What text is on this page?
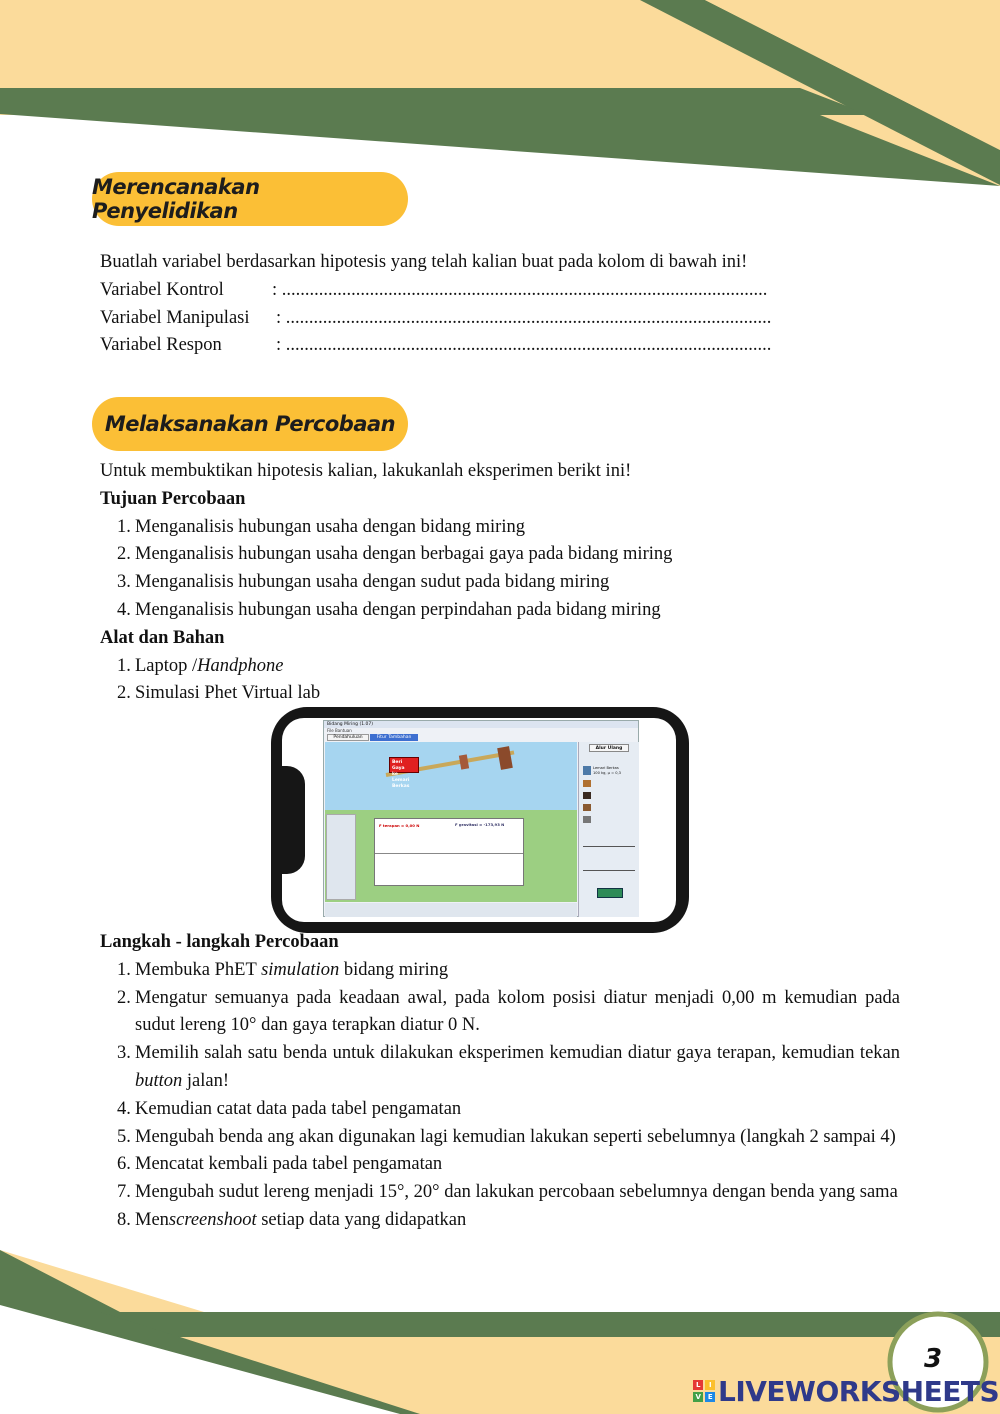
3
Merencanakan Penyelidikan
Buatlah variabel berdasarkan hipotesis yang telah kalian buat pada kolom di bawah ini!
Variabel Kontrol	: .........................................................................................................
Variabel Manipulasi : .........................................................................................................
Variabel Respon	: .........................................................................................................
Melaksanakan Percobaan
Untuk membuktikan hipotesis kalian, lakukanlah eksperimen berikt ini!
Tujuan Percobaan
1. Menganalisis hubungan usaha dengan bidang miring
2. Menganalisis hubungan usaha dengan berbagai gaya pada bidang miring
3. Menganalisis hubungan usaha dengan sudut pada bidang miring
4. Menganalisis hubungan usaha dengan perpindahan pada bidang miring
Alat dan Bahan
1. Laptop /Handphone
2. Simulasi Phet Virtual lab
Bidang Miring (1.07)
File Bantuan
Pendahuluan	Fitur Tambahan
Beri Gaya
ke Lemari Berkas
F terapan = 0,00 N	F gravitasi = -173,93 N
Alur Ulang
Lemari Berkas
100 kg, μ = 0,3
Langkah - langkah Percobaan
1. Membuka PhET simulation bidang miring
2. Mengatur semuanya pada keadaan awal, pada kolom posisi diatur menjadi 0,00 m kemudian pada sudut lereng 10° dan gaya terapkan diatur 0 N.
3. Memilih salah satu benda untuk dilakukan eksperimen kemudian diatur gaya terapan, kemudian tekan button jalan!
4. Kemudian catat data pada tabel pengamatan
5. Mengubah benda ang akan digunakan lagi kemudian lakukan seperti sebelumnya (langkah 2 sampai 4)
6. Mencatat kembali pada tabel pengamatan
7. Mengubah sudut lereng menjadi 15°, 20° dan lakukan percobaan sebelumnya dengan benda yang sama
8. Menscreenshoot setiap data yang didapatkan
L	I
V	E LIVEWORKSHEETS
